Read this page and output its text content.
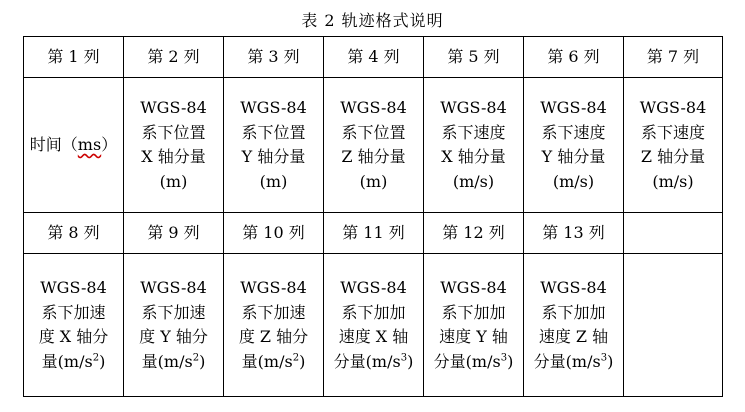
表 2 轨迹格式说明
第 1 列	第 2 列	第 3 列	第 4 列	第 5 列	第 6 列	第 7 列

时间（ms）	WGS-84
系下位置
X 轴分量
(m)	WGS-84
系下位置
Y 轴分量
(m)	WGS-84
系下位置
Z 轴分量
(m)	WGS-84
系下速度
X 轴分量
(m/s)	WGS-84
系下速度
Y 轴分量
(m/s)	WGS-84
系下速度
Z 轴分量
(m/s)

第 8 列	第 9 列	第 10 列	第 11 列	第 12 列	第 13 列	

WGS-84
系下加速
度 X 轴分
量$(m/s^2)$	WGS-84
系下加速
度 Y 轴分
量$(m/s^2)$	WGS-84
系下加速
度 Z 轴分
量$(m/s^2)$	WGS-84
系下加加
速度 X 轴
分量$(m/s^3)$	WGS-84
系下加加
速度 Y 轴
分量$(m/s^3)$	WGS-84
系下加加
速度 Z 轴
分量$(m/s^3)$	
